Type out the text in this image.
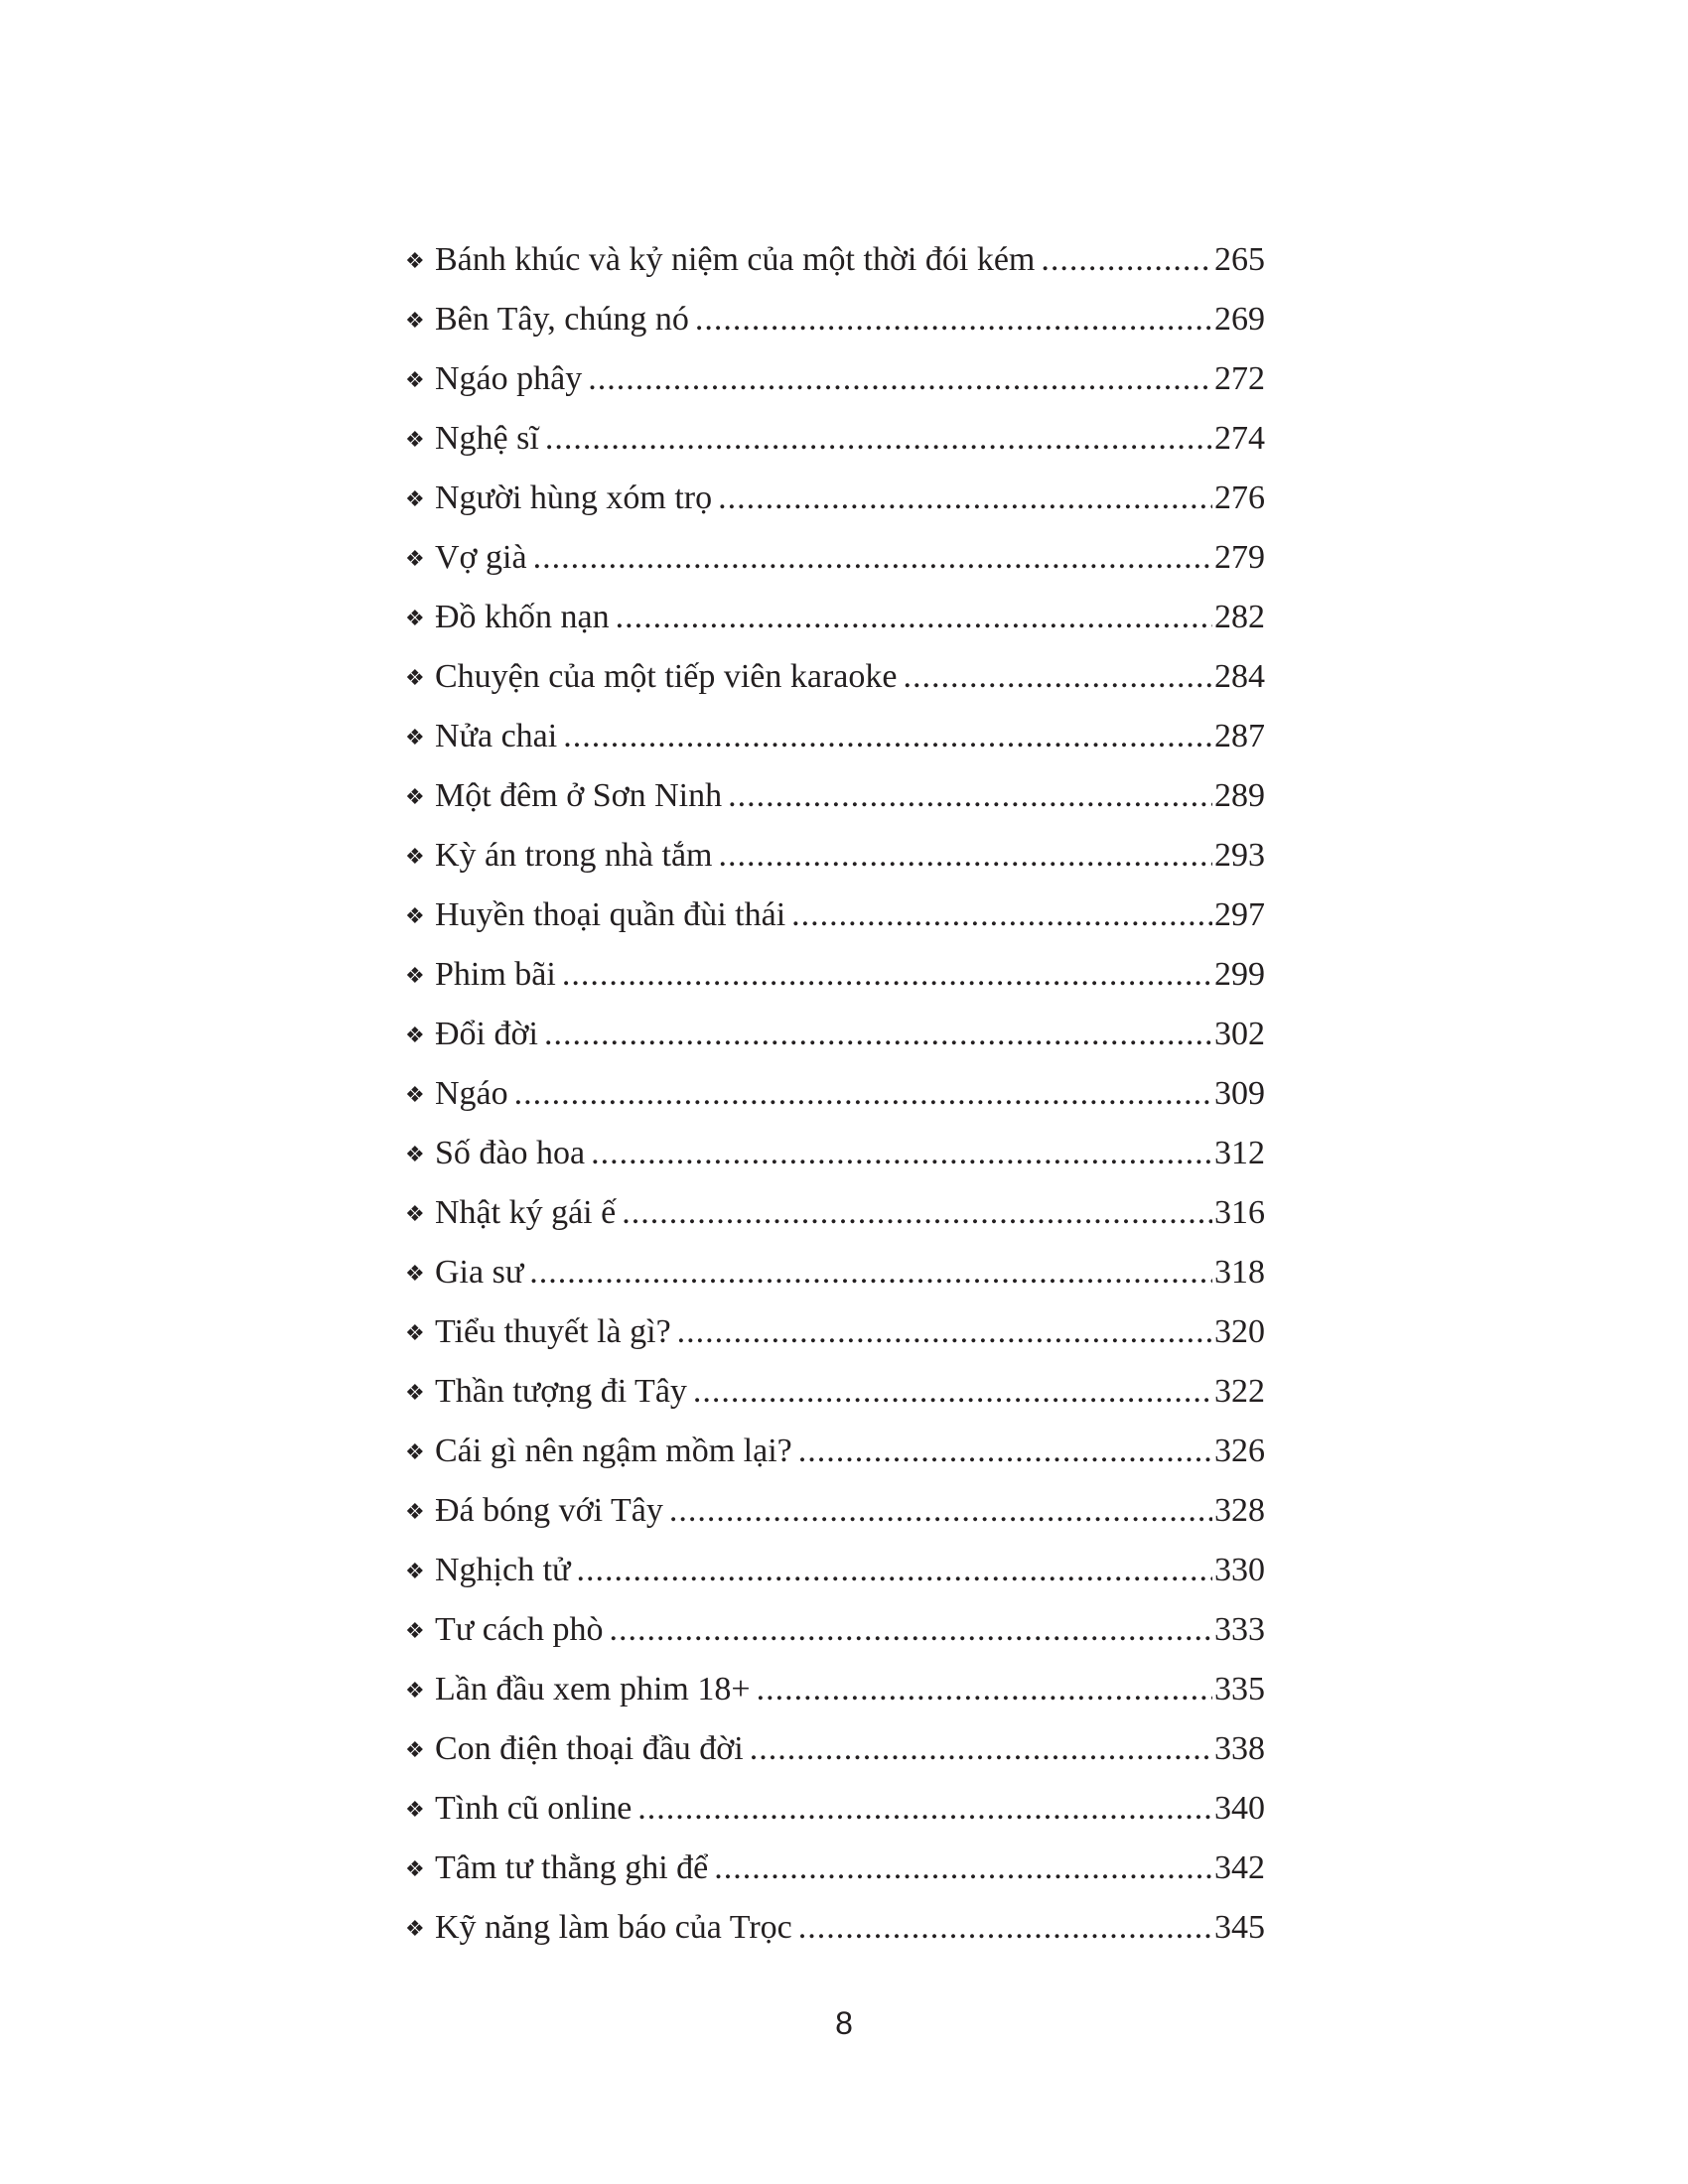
❖ Bánh khúc và kỷ niệm của một thời đói kém .....	265
❖ Bên Tây, chúng nó .....	269
❖ Ngáo phây .....	272
❖ Nghệ sĩ .....	274
❖ Người hùng xóm trọ .....	276
❖ Vợ già .....	279
❖ Đồ khốn nạn .....	282
❖ Chuyện của một tiếp viên karaoke .....	284
❖ Nửa chai .....	287
❖ Một đêm ở Sơn Ninh .....	289
❖ Kỳ án trong nhà tắm .....	293
❖ Huyền thoại quần đùi thái .....	297
❖ Phim bãi .....	299
❖ Đổi đời .....	302
❖ Ngáo .....	309
❖ Số đào hoa .....	312
❖ Nhật ký gái ế .....	316
❖ Gia sư .....	318
❖ Tiểu thuyết là gì? .....	320
❖ Thần tượng đi Tây .....	322
❖ Cái gì nên ngậm mồm lại? .....	326
❖ Đá bóng với Tây .....	328
❖ Nghịch tử .....	330
❖ Tư cách phò .....	333
❖ Lần đầu xem phim 18+ .....	335
❖ Con điện thoại đầu đời .....	338
❖ Tình cũ online .....	340
❖ Tâm tư thằng ghi để .....	342
❖ Kỹ năng làm báo của Trọc .....	345
8
